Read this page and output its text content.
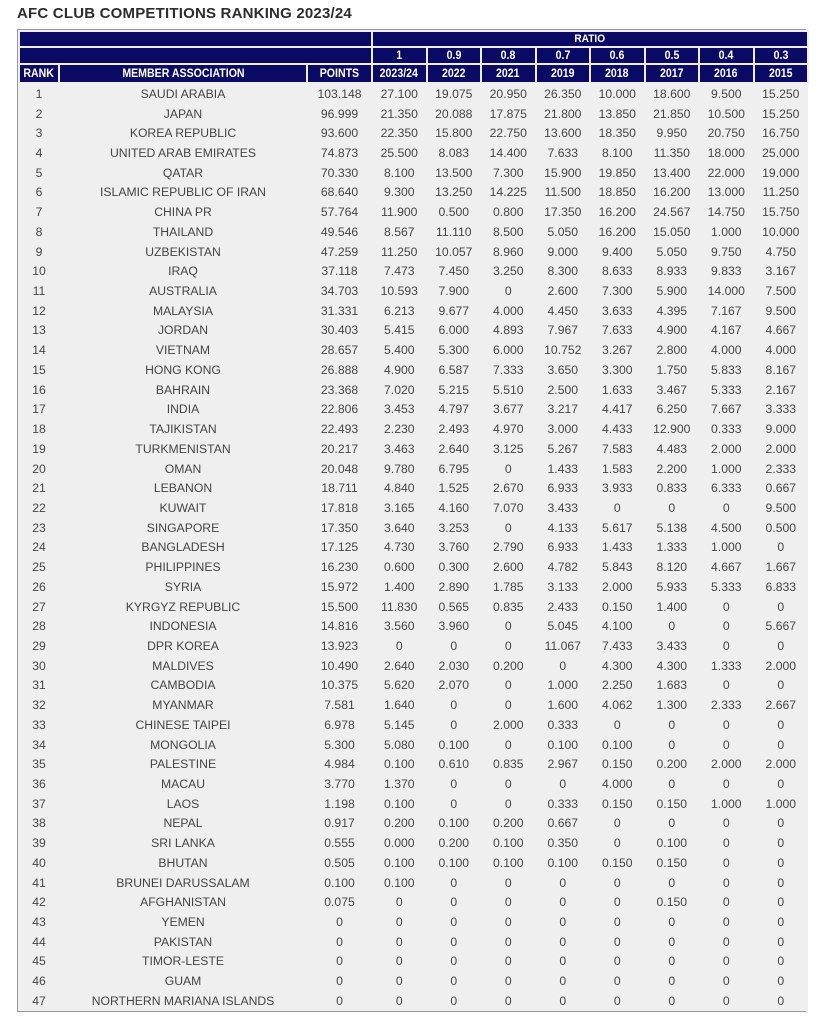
AFC CLUB COMPETITIONS RANKING 2023/24
			RATIO							
			1	0.9	0.8	0.7	0.6	0.5	0.4	0.3
RANK	MEMBER ASSOCIATION	POINTS	2023/24	2022	2021	2019	2018	2017	2016	2015
1	SAUDI ARABIA	103.148	27.100	19.075	20.950	26.350	10.000	18.600	9.500	15.250
2	JAPAN	96.999	21.350	20.088	17.875	21.800	13.850	21.850	10.500	15.250
3	KOREA REPUBLIC	93.600	22.350	15.800	22.750	13.600	18.350	9.950	20.750	16.750
4	UNITED ARAB EMIRATES	74.873	25.500	8.083	14.400	7.633	8.100	11.350	18.000	25.000
5	QATAR	70.330	8.100	13.500	7.300	15.900	19.850	13.400	22.000	19.000
6	ISLAMIC REPUBLIC OF IRAN	68.640	9.300	13.250	14.225	11.500	18.850	16.200	13.000	11.250
7	CHINA PR	57.764	11.900	0.500	0.800	17.350	16.200	24.567	14.750	15.750
8	THAILAND	49.546	8.567	11.110	8.500	5.050	16.200	15.050	1.000	10.000
9	UZBEKISTAN	47.259	11.250	10.057	8.960	9.000	9.400	5.050	9.750	4.750
10	IRAQ	37.118	7.473	7.450	3.250	8.300	8.633	8.933	9.833	3.167
11	AUSTRALIA	34.703	10.593	7.900	0	2.600	7.300	5.900	14.000	7.500
12	MALAYSIA	31.331	6.213	9.677	4.000	4.450	3.633	4.395	7.167	9.500
13	JORDAN	30.403	5.415	6.000	4.893	7.967	7.633	4.900	4.167	4.667
14	VIETNAM	28.657	5.400	5.300	6.000	10.752	3.267	2.800	4.000	4.000
15	HONG KONG	26.888	4.900	6.587	7.333	3.650	3.300	1.750	5.833	8.167
16	BAHRAIN	23.368	7.020	5.215	5.510	2.500	1.633	3.467	5.333	2.167
17	INDIA	22.806	3.453	4.797	3.677	3.217	4.417	6.250	7.667	3.333
18	TAJIKISTAN	22.493	2.230	2.493	4.970	3.000	4.433	12.900	0.333	9.000
19	TURKMENISTAN	20.217	3.463	2.640	3.125	5.267	7.583	4.483	2.000	2.000
20	OMAN	20.048	9.780	6.795	0	1.433	1.583	2.200	1.000	2.333
21	LEBANON	18.711	4.840	1.525	2.670	6.933	3.933	0.833	6.333	0.667
22	KUWAIT	17.818	3.165	4.160	7.070	3.433	0	0	0	9.500
23	SINGAPORE	17.350	3.640	3.253	0	4.133	5.617	5.138	4.500	0.500
24	BANGLADESH	17.125	4.730	3.760	2.790	6.933	1.433	1.333	1.000	0
25	PHILIPPINES	16.230	0.600	0.300	2.600	4.782	5.843	8.120	4.667	1.667
26	SYRIA	15.972	1.400	2.890	1.785	3.133	2.000	5.933	5.333	6.833
27	KYRGYZ REPUBLIC	15.500	11.830	0.565	0.835	2.433	0.150	1.400	0	0
28	INDONESIA	14.816	3.560	3.960	0	5.045	4.100	0	0	5.667
29	DPR KOREA	13.923	0	0	0	11.067	7.433	3.433	0	0
30	MALDIVES	10.490	2.640	2.030	0.200	0	4.300	4.300	1.333	2.000
31	CAMBODIA	10.375	5.620	2.070	0	1.000	2.250	1.683	0	0
32	MYANMAR	7.581	1.640	0	0	1.600	4.062	1.300	2.333	2.667
33	CHINESE TAIPEI	6.978	5.145	0	2.000	0.333	0	0	0	0
34	MONGOLIA	5.300	5.080	0.100	0	0.100	0.100	0	0	0
35	PALESTINE	4.984	0.100	0.610	0.835	2.967	0.150	0.200	2.000	2.000
36	MACAU	3.770	1.370	0	0	0	4.000	0	0	0
37	LAOS	1.198	0.100	0	0	0.333	0.150	0.150	1.000	1.000
38	NEPAL	0.917	0.200	0.100	0.200	0.667	0	0	0	0
39	SRI LANKA	0.555	0.000	0.200	0.100	0.350	0	0.100	0	0
40	BHUTAN	0.505	0.100	0.100	0.100	0.100	0.150	0.150	0	0
41	BRUNEI DARUSSALAM	0.100	0.100	0	0	0	0	0	0	0
42	AFGHANISTAN	0.075	0	0	0	0	0	0.150	0	0
43	YEMEN	0	0	0	0	0	0	0	0	0
44	PAKISTAN	0	0	0	0	0	0	0	0	0
45	TIMOR-LESTE	0	0	0	0	0	0	0	0	0
46	GUAM	0	0	0	0	0	0	0	0	0
47	NORTHERN MARIANA ISLANDS	0	0	0	0	0	0	0	0	0
